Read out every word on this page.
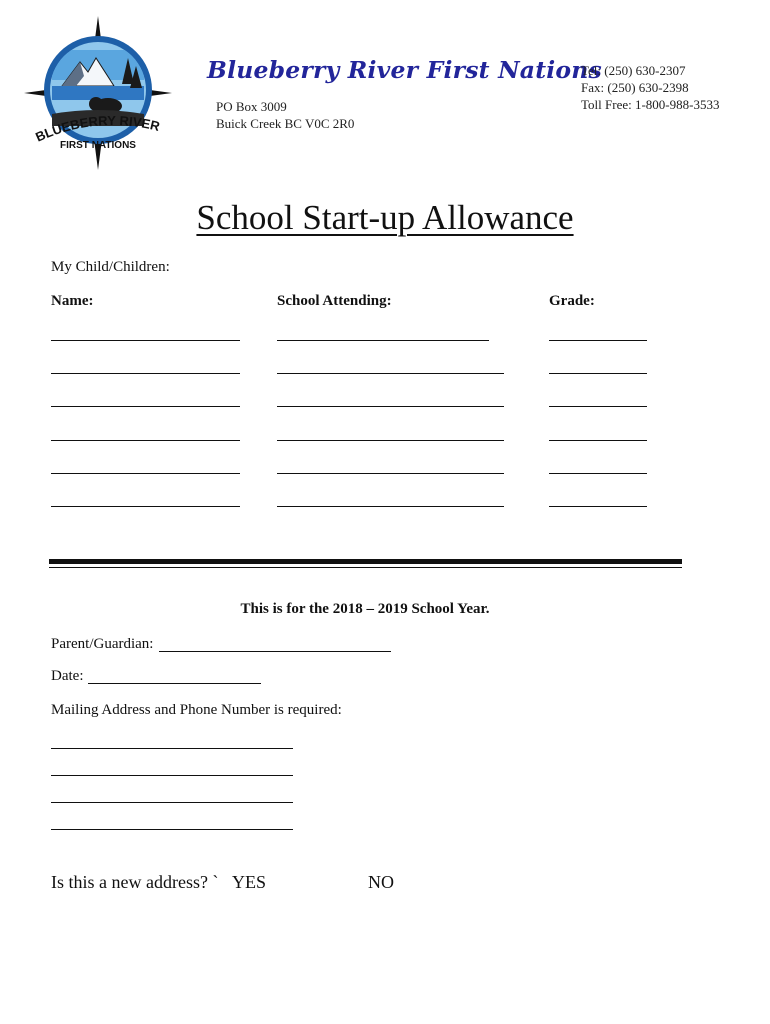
BLUEBERRY RIVER
FIRST NATIONS
Blueberry River First Nations
PO Box 3009
Buick Creek BC V0C 2R0
Tel: (250) 630-2307
Fax: (250) 630-2398
Toll Free: 1-800-988-3533
School Start-up Allowance
My Child/Children:
Name:	School Attending:	Grade:
This is for the 2018 – 2019 School Year.
Parent/Guardian:
Date:
Mailing Address and Phone Number is required:
Is this a new address? ` YES	NO
